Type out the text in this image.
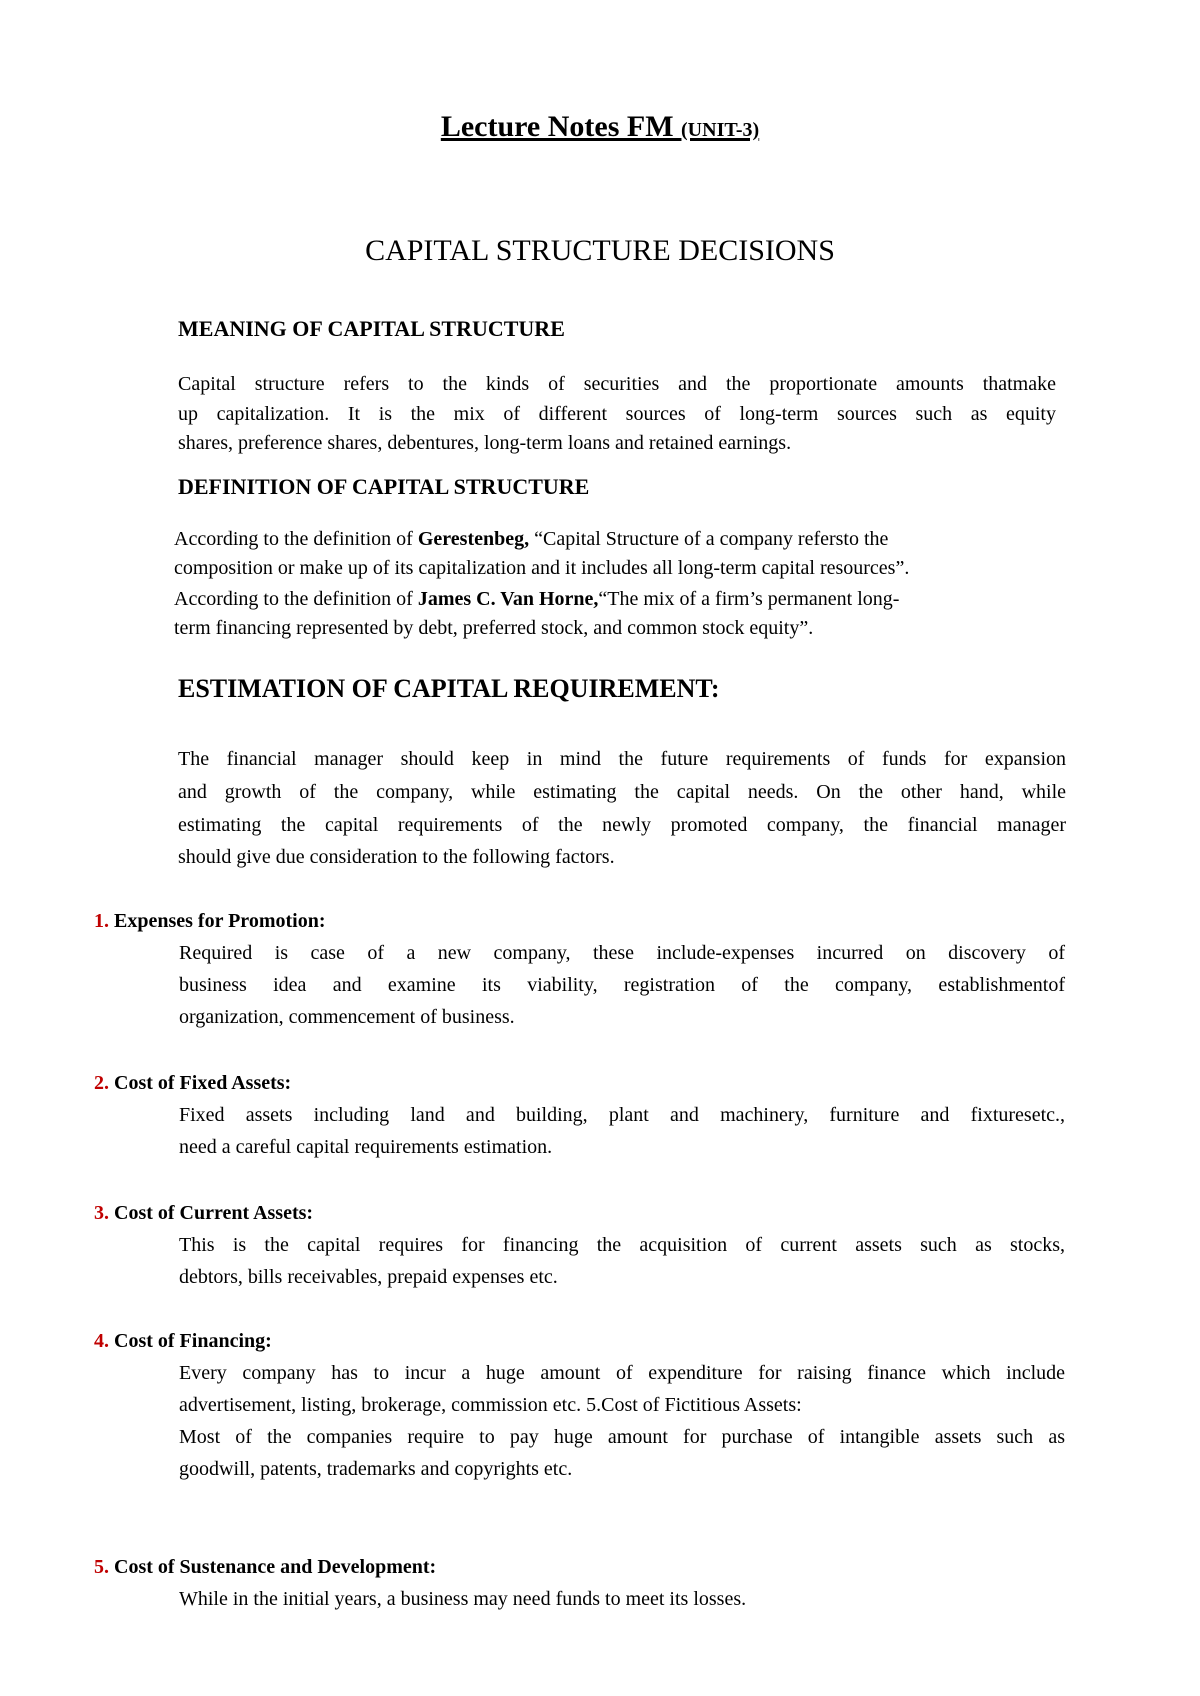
Lecture Notes FM (UNIT-3)
CAPITAL STRUCTURE DECISIONS
MEANING OF CAPITAL STRUCTURE
Capital structure refers to the kinds of securities and the proportionate amounts thatmake
up capitalization. It is the mix of different sources of long-term sources such as equity
shares, preference shares, debentures, long-term loans and retained earnings.
DEFINITION OF CAPITAL STRUCTURE
According to the definition of Gerestenbeg, “Capital Structure of a company refersto the
composition or make up of its capitalization and it includes all long-term capital resources”.
According to the definition of James C. Van Horne,“The mix of a firm’s permanent long-
term financing represented by debt, preferred stock, and common stock equity”.
ESTIMATION OF CAPITAL REQUIREMENT:
The financial manager should keep in mind the future requirements of funds for expansion
and growth of the company, while estimating the capital needs. On the other hand, while
estimating the capital requirements of the newly promoted company, the financial manager
should give due consideration to the following factors.
1. Expenses for Promotion:
Required is case of a new company, these include-expenses incurred on discovery of
business idea and examine its viability, registration of the company, establishmentof
organization, commencement of business.
2. Cost of Fixed Assets:
Fixed assets including land and building, plant and machinery, furniture and fixturesetc.,
need a careful capital requirements estimation.
3. Cost of Current Assets:
This is the capital requires for financing the acquisition of current assets such as stocks,
debtors, bills receivables, prepaid expenses etc.
4. Cost of Financing:
Every company has to incur a huge amount of expenditure for raising finance which include
advertisement, listing, brokerage, commission etc. 5.Cost of Fictitious Assets:
Most of the companies require to pay huge amount for purchase of intangible assets such as
goodwill, patents, trademarks and copyrights etc.
5. Cost of Sustenance and Development:
While in the initial years, a business may need funds to meet its losses.
